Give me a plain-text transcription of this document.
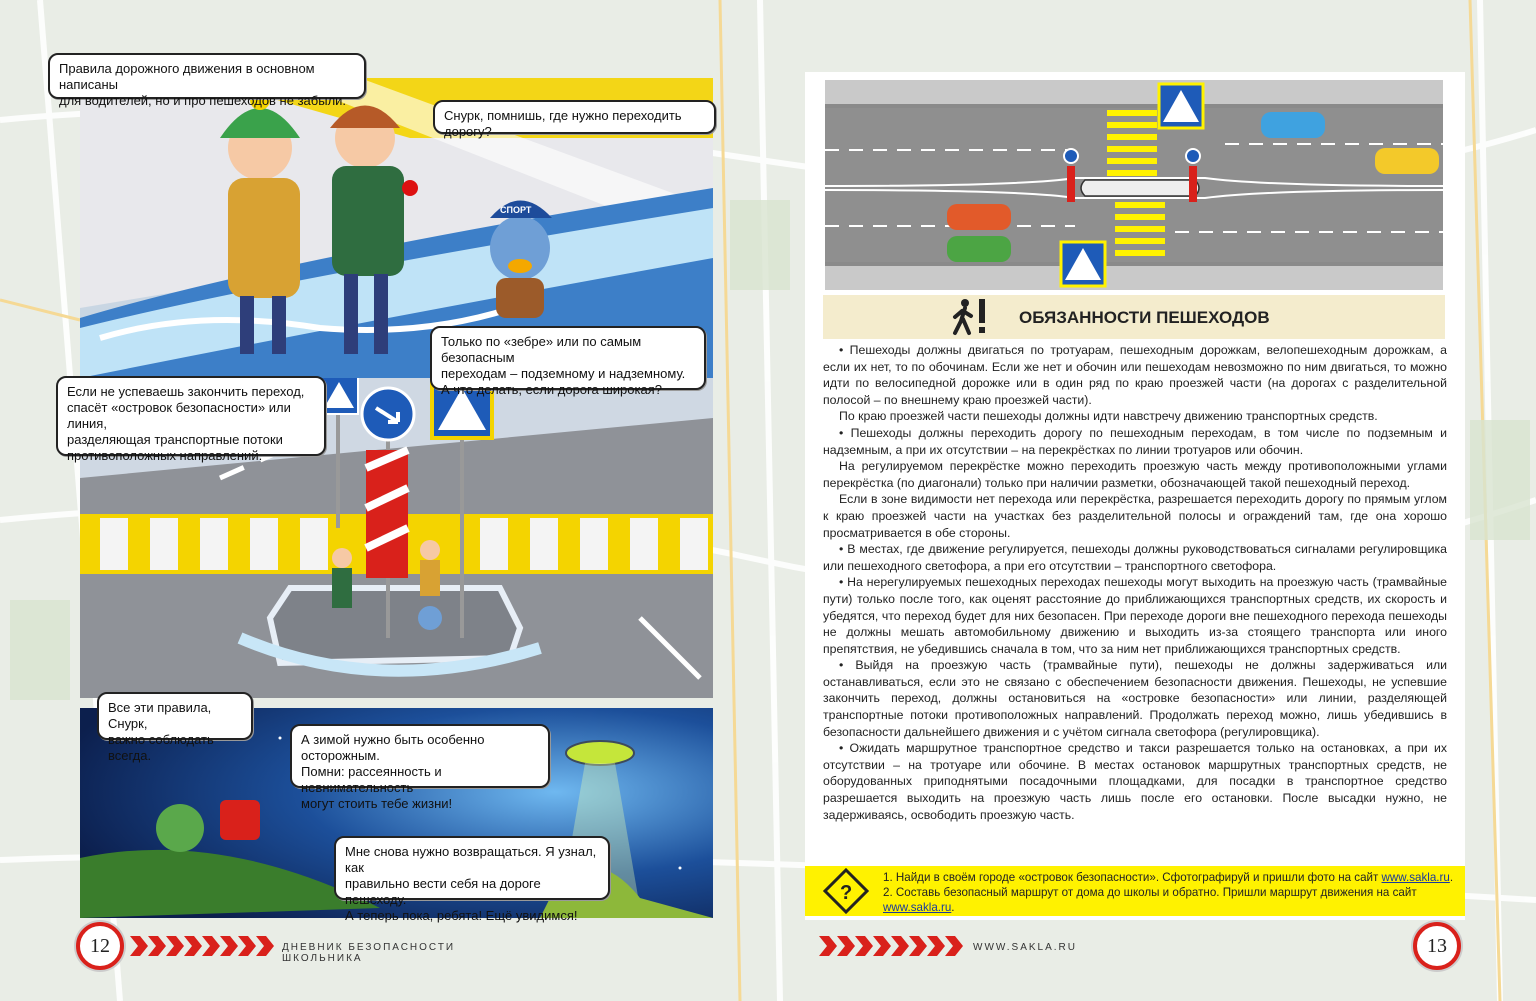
СПОРТ
Правила дорожного движения в основном написаны
для водителей, но и про пешеходов не забыли.
Снурк, помнишь, где нужно переходить дорогу?
Только по «зебре» или по самым безопасным
переходам – подземному и надземному.
А что делать, если дорога широкая?
Если не успеваешь закончить переход,
спасёт «островок безопасности» или линия,
разделяющая транспортные потоки
противоположных направлений.
Все эти правила, Снурк,
важно соблюдать всегда.
А зимой нужно быть особенно осторожным.
Помни: рассеянность и невнимательность
могут стоить тебе жизни!
Мне снова нужно возвращаться. Я узнал, как
правильно вести себя на дороге пешеходу.
А теперь пока, ребята! Ещё увидимся!
12	ДНЕВНИК БЕЗОПАСНОСТИ ШКОЛЬНИКА
ОБЯЗАННОСТИ ПЕШЕХОДОВ

• Пешеходы должны двигаться по тротуарам, пешеходным дорожкам, велопешеходным дорожкам, а если их нет, то по обочинам. Если же нет и обочин или пешеходам невозможно по ним двигаться, то можно идти по велосипедной дорожке или в один ряд по краю проезжей части (на дорогах с разделительной полосой – по внешнему краю проезжей части).

По краю проезжей части пешеходы должны идти навстречу движению транспортных средств.

• Пешеходы должны переходить дорогу по пешеходным переходам, в том числе по подземным и надземным, а при их отсутствии – на перекрёстках по линии тротуаров или обочин.

На регулируемом перекрёстке можно переходить проезжую часть между противоположными углами перекрёстка (по диагонали) только при наличии разметки, обозначающей такой пешеходный переход.

Если в зоне видимости нет перехода или перекрёстка, разрешается переходить дорогу по прямым углом к краю проезжей части на участках без разделительной полосы и ограждений там, где она хорошо просматривается в обе стороны.

• В местах, где движение регулируется, пешеходы должны руководствоваться сигналами регулировщика или пешеходного светофора, а при его отсутствии – транспортного светофора.

• На нерегулируемых пешеходных переходах пешеходы могут выходить на проезжую часть (трамвайные пути) только после того, как оценят расстояние до приближающихся транспортных средств, их скорость и убедятся, что переход будет для них безопасен. При переходе дороги вне пешеходного перехода пешеходы не должны мешать автомобильному движению и выходить из-за стоящего транспорта или иного препятствия, не убедившись сначала в том, что за ним нет приближающихся транспортных средств.

• Выйдя на проезжую часть (трамвайные пути), пешеходы не должны задерживаться или останавливаться, если это не связано с обеспечением безопасности движения. Пешеходы, не успевшие закончить переход, должны остановиться на «островке безопасности» или линии, разделяющей транспортные потоки противоположных направлений. Продолжать переход можно, лишь убедившись в безопасности дальнейшего движения и с учётом сигнала светофора (регулировщика).

• Ожидать маршрутное транспортное средство и такси разрешается только на остановках, а при их отсутствии – на тротуаре или обочине. В местах остановок маршрутных транспортных средств, не оборудованных приподнятыми посадочными площадками, для посадки в транспортное средство разрешается выходить на проезжую часть лишь после его остановки. После высадки нужно, не задерживаясь, освободить проезжую часть.

?
1. Найди в своём городе «островок безопасности». Сфотографируй и пришли фото на сайт www.sakla.ru.
2. Составь безопасный маршрут от дома до школы и обратно. Пришли маршрут движения на сайт www.sakla.ru.
WWW.SAKLA.RU	13
